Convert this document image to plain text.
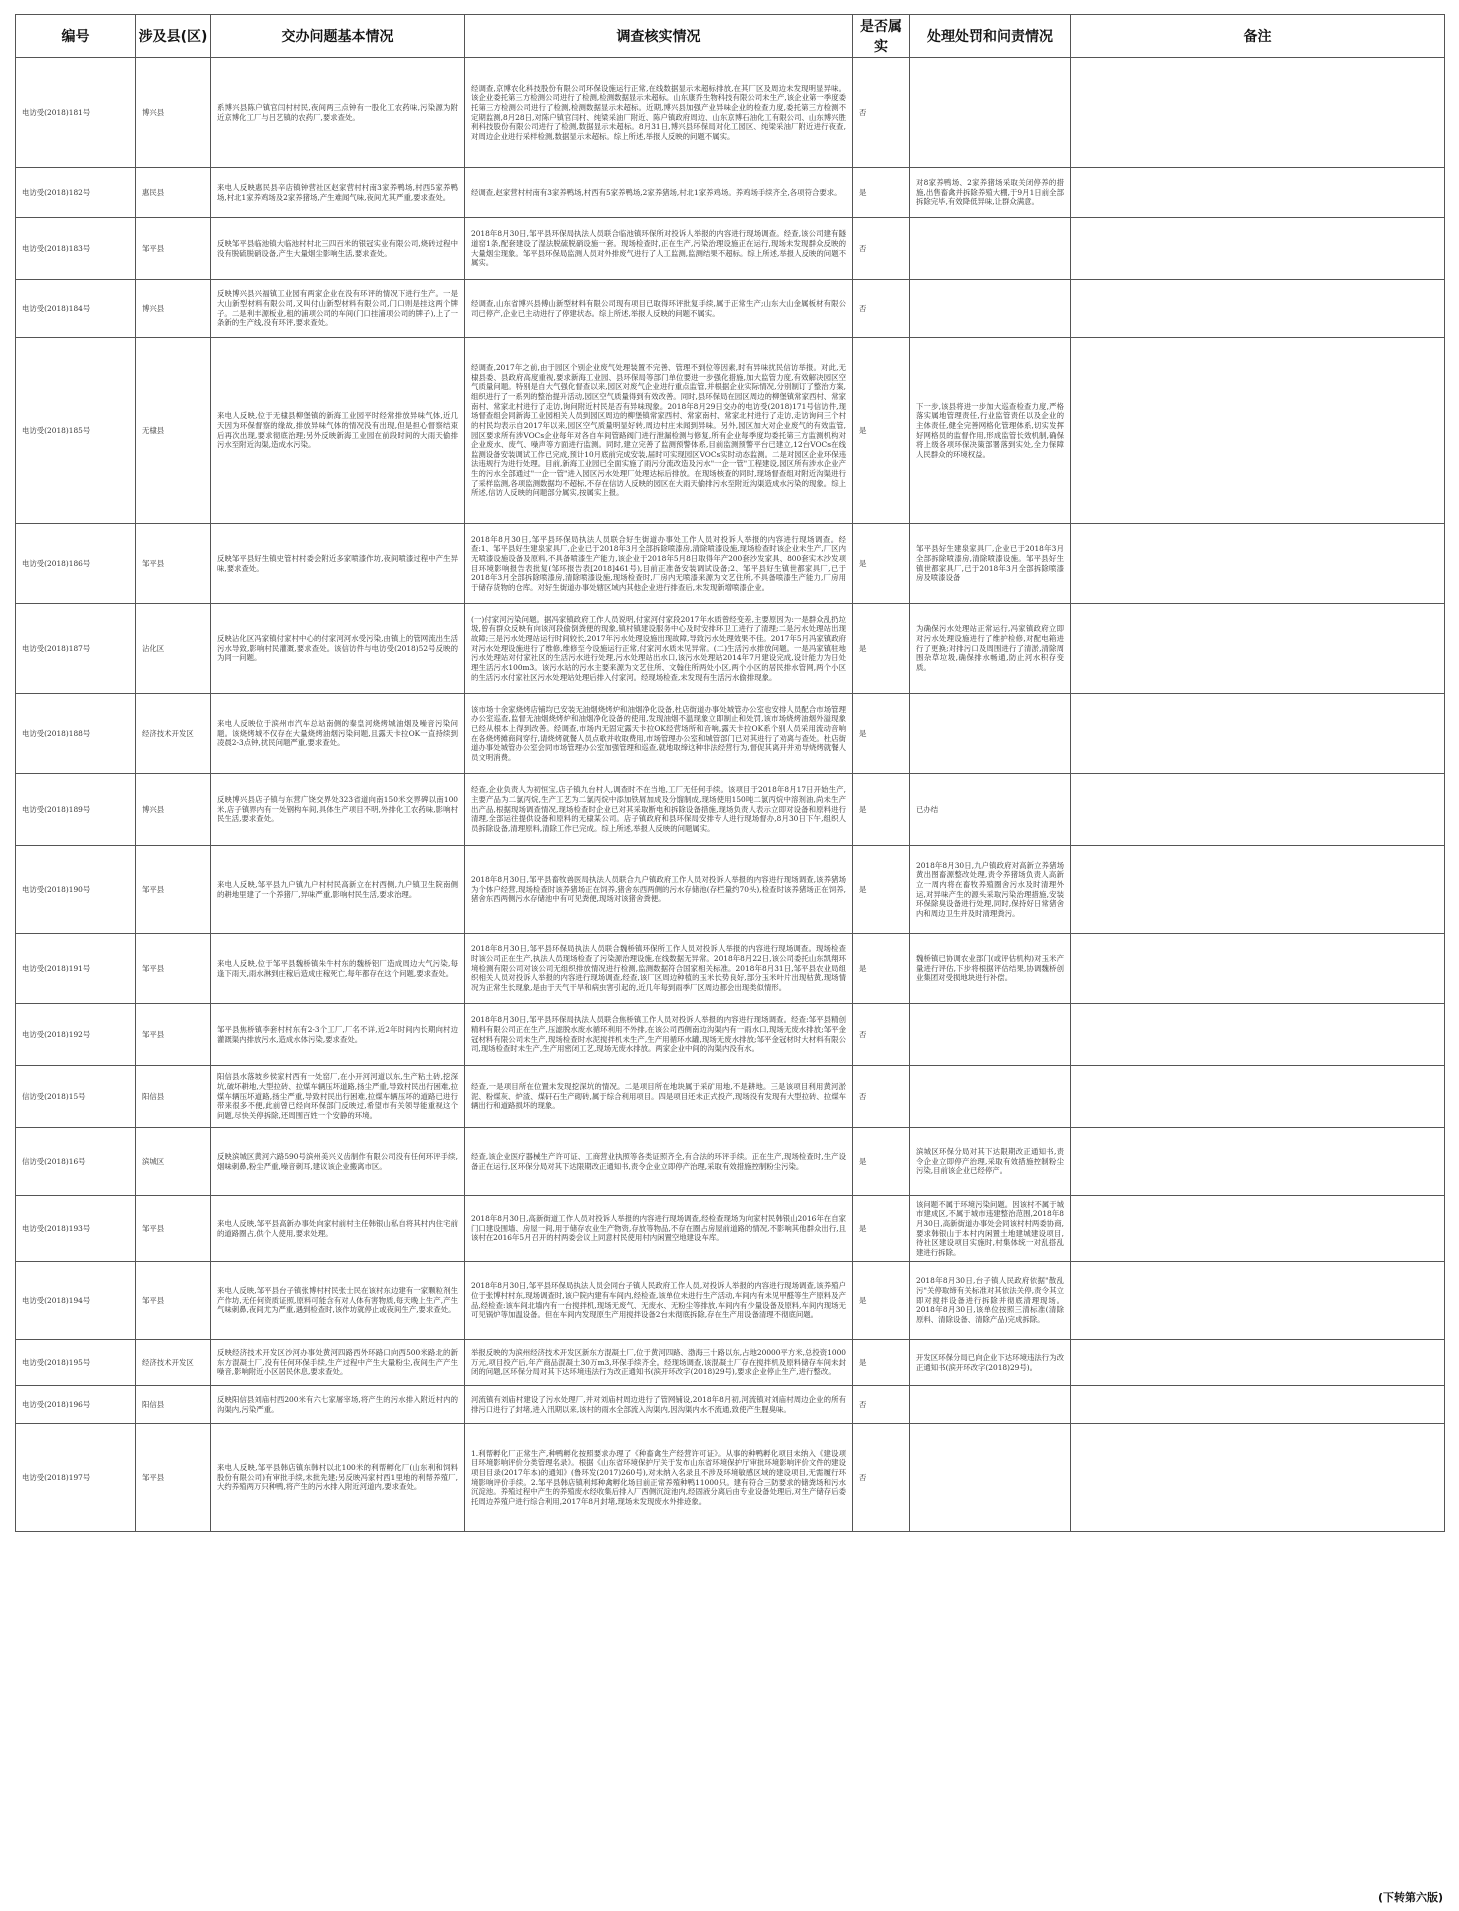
编号	涉及县(区)	交办问题基本情况	调查核实情况	是否属实	处理处罚和问责情况	备注
电访受(2018)181号	博兴县	系博兴县陈户镇官闫村村民,夜间两三点钟有一股化工农药味,污染源为附近京博化工厂与吕艺镇的农药厂,要求查处。	经调查,京博农化科技股份有限公司环保设施运行正常,在线数据显示未超标排放,在其厂区及周边未发现明显异味。该企业委托第三方检测公司进行了检测,检测数据显示未超标。山东康乔生物科技有限公司未生产,该企业第一季度委托第三方检测公司进行了检测,检测数据显示未超标。近期,博兴县加强产业异味企业的检查力度,委托第三方检测不定期监测,8月28日,对陈户镇官闫村、纯梁采油厂附近、陈户镇政府周边、山东京博石油化工有限公司、山东博兴胜利科技股份有限公司进行了检测,数据显示未超标。8月31日,博兴县环保局对化工园区、纯梁采油厂附近进行夜查,对周边企业进行采样检测,数据显示未超标。综上所述,举报人反映的问题不属实。	否		
电访受(2018)182号	惠民县	来电人反映惠民县辛店镇钟营社区赵家营村村南3家养鸭场,村西5家养鸭场,村北1家养鸡场及2家养猪场,产生难闻气味,夜间尤其严重,要求查处。	经调查,赵家营村村南有3家养鸭场,村西有5家养鸭场,2家养猪场,村北1家养鸡场。养鸡场手续齐全,各项符合要求。	是	对8家养鸭场、2家养猪场采取关闭停养的措施,出售畜禽并拆除养殖大棚,于9月1日前全部拆除完毕,有效降低异味,让群众满意。	
电访受(2018)183号	邹平县	反映邹平县临池镇大临池村村北三四百米的银冠实业有限公司,烧砖过程中没有脱硫脱硝设备,产生大量烟尘影响生活,要求查处。	2018年8月30日,邹平县环保局执法人员联合临池镇环保所对投诉人举报的内容进行现场调查。经查,该公司建有隧道窑1条,配套建设了湿法脱硫脱硝设施一套。现场检查时,正在生产,污染治理设施正在运行,现场未发现群众反映的大量烟尘现象。邹平县环保局监测人员对外排废气进行了人工监测,监测结果不超标。综上所述,举报人反映的问题不属实。	否		
电访受(2018)184号	博兴县	反映博兴县兴福镇工业园有两家企业在没有环评的情况下进行生产。一是大山新型材料有限公司,又叫付山新型材料有限公司,门口则是挂这两个牌子。二是利丰源板业,租的浦项公司的车间(门口挂浦项公司的牌子),上了一条新的生产线,没有环评,要求查处。	经调查,山东省博兴县傅山新型材料有限公司现有项目已取得环评批复手续,属于正常生产;山东大山金属板材有限公司已停产,企业已主动进行了停建状态。综上所述,举报人反映的问题不属实。	否		
电访受(2018)185号	无棣县	来电人反映,位于无棣县柳堡镇的新海工业园平时经常排放异味气体,近几天因为环保督察的缘故,排放异味气体的情况没有出现,但是担心督察结束后再次出现,要求彻底治理;另外反映新海工业园在前段时间的大雨天偷排污水至附近沟渠,造成水污染。	经调查,2017年之前,由于园区个别企业废气处理装置不完善、管理不到位等因素,时有异味扰民信访举报。对此,无棣县委、县政府高度重视,要求新海工业园、县环保局等部门单位要进一步强化措施,加大监管力度,有效解决园区空气质量问题。特别是自大气强化督查以来,园区对废气企业进行重点监管,并根据企业实际情况,分别制订了整治方案,组织进行了一系列的整治提升活动,园区空气质量得到有效改善。同时,县环保局在园区周边的柳堡镇常家西村、常家南村、常家北村进行了走访,询问附近村民是否有异味现象。2018年8月29日交办的电访受(2018)171号信访件,现场督查组会同新海工业园相关人员到园区周边的柳堡镇常家西村、常家南村、常家北村进行了走访,走访询问三个村的村民均表示自2017年以来,园区空气质量明显好转,周边村庄未闻到异味。另外,园区加大对企业废气的有效监管,园区要求所有涉VOCs企业每年对各自车间管路阀门进行泄漏检测与修复,所有企业每季度均委托第三方监测机构对企业废水、废气、噪声等方面进行监测。同时,建立完善了监测预警体系,目前监测预警平台已建立,12台VOCs在线监测设备安装调试工作已完成,预计10月底前完成安装,届时可实现园区VOCs实时动态监测。二是对园区企业环保违法违规行为进行处理。目前,新海工业园已全面实施了雨污分流改造及污水"一企一管"工程建设,园区所有涉水企业产生的污水全部通过"一企一管"进入园区污水处理厂处理达标后排放。在现场核查的同时,现场督查组对附近沟渠进行了采样监测,各项监测数据均不超标,不存在信访人反映的园区在大雨天偷排污水至附近沟渠造成水污染的现象。综上所述,信访人反映的问题部分属实,按属实上报。	是	下一步,该县将进一步加大巡查检查力度,严格落实属地管理责任,行业监管责任以及企业的主体责任,健全完善网格化管理体系,切实发挥好网格员的监督作用,形成监管长效机制,确保将上级各项环保决策部署落到实处,全力保障人民群众的环境权益。	
电访受(2018)186号	邹平县	反映邹平县好生镇史管村村委会附近多家喷漆作坊,夜间喷漆过程中产生异味,要求查处。	2018年8月30日,邹平县环保局执法人员联合好生街道办事处工作人员对投诉人举报的内容进行现场调查。经查:1、邹平县好生建泉家具厂,企业已于2018年3月全部拆除喷漆房,清除喷漆设施,现场检查时该企业未生产,厂区内无喷漆设施设备及原料,不具备喷漆生产能力,该企业于2018年5月8日取得年产200套沙发家具、800套实木沙发项目环境影响报告表批复(邹环报告表[2018]461号),目前正准备安装调试设备;2、邹平县好生镇世都家具厂,已于2018年3月全部拆除喷漆房,清除喷漆设施,现场检查时,厂房内无喷漆来源为文艺住所,不具备喷漆生产能力,厂房用于储存货物的仓库。对好生街道办事处辖区域内其他企业进行排查后,未发现新增喷漆企业。	是	邹平县好生建泉家具厂,企业已于2018年3月全部拆除喷漆房,清除喷漆设施。邹平县好生镇世都家具厂,已于2018年3月全部拆除喷漆房及喷漆设备	
电访受(2018)187号	沾化区	反映沾化区冯家镇付家村中心的付家河河水受污染,由镇上的管网流出生活污水导致,影响村民灌溉,要求查处。该信访件与电访受(2018)52号反映的为同一问题。	(一)付家河污染问题。据冯家镇政府工作人员说明,付家河付家段2017年水质曾经变差,主要原因为:一是群众乱扔垃圾,曾有群众反映有向该河段偷倒粪便的现象,镇村镇建设服务中心及时安排环卫工进行了清理;二是污水处理站出现故障;三是污水处理站运行时间较长,2017年污水处理设施出现故障,导致污水处理效果不佳。2017年5月冯家镇政府对污水处理设施进行了维修,维修至今设施运行正常,付家河水质未见异常。(二)生活污水排放问题。一是冯家镇驻地污水处理站对付家社区的生活污水进行处理,污水处理站出水口,该污水处理站2014年7月建设完成,设计能力为日处理生活污水100m3。该污水站的污水主要来源为文艺住所、文翰住所两处小区,两个小区的居民排水管网,两个小区的生活污水付家社区污水处理站处理后排入付家河。经现场检查,未发现有生活污水偷排现象。	是	为确保污水处理站正常运行,冯家镇政府立即对污水处理设施进行了维护检修,对配电箱进行了更换;对排污口及周围进行了清淤,清除周围杂草垃圾,确保排水畅通,防止河水积存变质。	
电访受(2018)188号	经济技术开发区	来电人反映位于滨州市汽车总站南侧的秦皇河烧烤城油烟及噪音污染问题。该烧烤城不仅存在大量烧烤油烟污染问题,且露天卡拉OK一直持续到凌晨2-3点钟,扰民问题严重,要求查处。	该市场十余家烧烤店铺均已安装无油烟烧烤炉和油烟净化设备,杜店街道办事处城管办公室也安排人员配合市场管理办公室巡查,监督无油烟烧烤炉和油烟净化设备的使用,发现油烟不温现象立即制止和处罚,该市场烧烤油烟外溢现象已经从根本上得到改善。经调查,市场内无固定露天卡拉OK经营场所和音响,露天卡拉OK系个别人员采用流动音响在各烧烤摊商间穿行,请烧烤就餐人员点歌并收取费用,市场管理办公室和城管部门已对其进行了劝离与查处。杜店街道办事处城管办公室会同市场管理办公室加强管理和巡查,就地取缔这种非法经营行为,督促其离开并劝导烧烤就餐人员文明消费。	是		
电访受(2018)189号	博兴县	反映博兴县店子镇与东营广饶交界处323省道向南150米交界碑以南100米,店子镇界内有一处钢构车间,具体生产项目不明,外排化工农药味,影响村民生活,要求查处。	经查,企业负责人为初恒宝,店子镇九台村人,调查时不在当地,工厂无任何手续。该项目于2018年8月17日开始生产,主要产品为二氯丙烷,生产工艺为二氯丙烷中添加铁屑加成及分馏制成,现场使用150吨二氯丙烷中溶剂油,尚未生产出产品,根据现场调查情况,现场检查时企业已对其采取断电和拆除设备措施,现场负责人表示立即对设备和原料进行清理,全部运往提供设备和原料的无棣某公司。店子镇政府和县环保局安排专人进行现场督办,8月30日下午,组织人员拆除设备,清理原料,清除工作已完成。综上所述,举报人反映的问题属实。	是	已办结	
电访受(2018)190号	邹平县	来电人反映,邹平县九户镇九户村村民高新立在村西侧,九户镇卫生院南侧的耕地里建了一个养猪厂,异味严重,影响村民生活,要求治理。	2018年8月30日,邹平县畜牧兽医局执法人员联合九户镇政府工作人员对投诉人举报的内容进行现场调查,该养猪场为个体户经营,现场检查时该养猪场正在饲养,猪舍东西两侧的污水存储池(存栏量约70头),检查时该养猪场正在饲养,猪舍东西两侧污水存储池中有可见粪便,现场对该猪舍粪便。	是	2018年8月30日,九户镇政府对高新立养猪场黄出图畜源整改处理,责令养猪场负责人高新立一周内将在畜牧养殖圈舍污水及时清理外运,对异味产生的源头采取污染治理措施,安装环保除臭设备进行处理,同时,保持好日常猪舍内和周边卫生并及时清理粪污。	
电访受(2018)191号	邹平县	来电人反映,位于邹平县魏桥镇朱牛村东的魏桥铝厂造成周边大气污染,每逢下雨天,雨水淋到庄稼后造成庄稼死亡,每年都存在这个问题,要求查处。	2018年8月30日,邹平县环保局执法人员联合魏桥镇环保所工作人员对投诉人举报的内容进行现场调查。现场检查时该公司正在生产,执法人员现场检查了污染源治理设施,在线数据无异常。2018年8月22日,该公司委托山东凯翔环境检测有限公司对该公司无组织排放情况进行检测,监测数据符合国家相关标准。2018年8月31日,邹平县农业局组织相关人员对投诉人举报的内容进行现场调查,经查,该厂区周边种植的玉米长势良好,部分玉米叶片出现枯黄,现场情况为正常生长现象,是由于天气干旱和病虫害引起的,近几年每到雨季厂区周边都会出现类似情形。	是	魏桥镇已协调农业部门(或评估机构)对玉米产量进行评估,下步将根据评估结果,协调魏桥创业集团对受损地块进行补偿。	
电访受(2018)192号	邹平县	邹平县焦桥镇李套村村东有2-3个工厂,厂名不详,近2年时间内长期向村边灌溉渠内排放污水,造成水体污染,要求查处。	2018年8月30日,邹平县环保局执法人员联合焦桥镇工作人员对投诉人举报的内容进行现场调查。经查:邹平县精创精料有限公司正在生产,压滤脱水废水循环利用不外排,在该公司西侧南边沟渠内有一雨水口,现场无废水排放;邹平金冠材料有限公司未生产,现场检查时水泥搅拌机未生产,生产用循环水罐,现场无废水排放;邹平金冠材时大材料有限公司,现场检查时未生产,生产用密闭工艺,现场无废水排放。两家企业中间的沟渠内没有水。	否		
信访受(2018)15号	阳信县	阳信县水落坡乡侯家村西有一处窑厂,在小开河河道以东,生产粘土砖,挖深坑,破坏耕地,大型拉砖、拉煤车辆压坏道路,扬尘严重,导致村民出行困难,拉煤车辆压坏道路,扬尘严重,导致村民出行困难,拉煤车辆压坏的道路已进行带来很多不便,此前曾已经向环保部门反映过,希望市有关领导能重视这个问题,尽快关停拆除,还周围百姓一个安静的环境。	经查,一是项目所在位置未发现挖深坑的情况。二是项目所在地块属于采矿用地,不是耕地。三是该项目利用黄河淤泥、粉煤灰、炉渣、煤矸石生产砌砖,属于综合利用项目。四是项目还未正式投产,现场没有发现有大型拉砖、拉煤车辆出行和道路损坏的现象。	否		
信访受(2018)16号	滨城区	反映滨城区黄河六路590号滨州美兴义齿制作有限公司没有任何环评手续,烟味刺鼻,粉尘严重,噪音刺耳,建议该企业搬离市区。	经查,该企业医疗器械生产许可证、工商营业执照等各类证照齐全,有合法的环评手续。正在生产,现场检查时,生产设备正在运行,区环保分局对其下达限期改正通知书,责令企业立即停产治理,采取有效措施控制粉尘污染。	是	滨城区环保分局对其下达限期改正通知书,责令企业立即停产治理,采取有效措施控制粉尘污染,目前该企业已经停产。	
电访受(2018)193号	邹平县	来电人反映,邹平县高新办事处向家村前村主任韩银山私自将其村内住宅前的道路圈占,供个人使用,要求处理。	2018年8月30日,高新街道工作人员对投诉人举报的内容进行现场调查,经检查现场为向家村民韩银山2016年在自家门口建设围墙、房屋一间,用于储存农业生产物资,存放等物品,不存在圈占房屋前道路的情况,不影响其他群众出行,且该村在2016年5月召开的村两委会议上同意村民使用村内闲置空地建设车库。	是	该问题不属于环境污染问题。因该村不属于城市建成区,不属于城市违建整治范围,2018年8月30日,高新街道办事处会同该村村两委协商,要求韩银山于本村内闲置土地建城建设项目,待社区建设项目实施时,村集体统一对乱搭乱建进行拆除。	
电访受(2018)194号	邹平县	来电人反映,邹平县台子镇张博村村民张士民在该村东边建有一家颗粒剂生产作坊,无任何资质证照,原料可能含有对人体有害物质,每天晚上生产,产生气味刺鼻,夜间尤为严重,遇到检查时,该作坊就停止或夜间生产,要求查处。	2018年8月30日,邹平县环保局执法人员会同台子镇人民政府工作人员,对投诉人举报的内容进行现场调查,该养殖户位于张博村村东,现场调查时,该户院内建有车间内,经检查,该单位未进行生产活动,车间内有未见甲醛等生产原料及产品,经检查:该车间北墙内有一台搅拌机,现场无废气、无废水、无粉尘等排放,车间内有少量设备及原料,车间内现场无可见锅炉等加温设备。但在车间内发现原生产用搅拌设备2台未彻底拆除,存在生产用设备清理不彻底问题。	是	2018年8月30日,台子镇人民政府依据"散乱污"关停取缔有关标准对其依法关停,责令其立即对搅拌设备进行拆除并彻底清理现场。2018年8月30日,该单位按照三清标准(清除原料、清除设备、清除产品)完成拆除。	
电访受(2018)195号	经济技术开发区	反映经济技术开发区沙河办事处黄河四路西外环路口向西500米路北的新东方混凝土厂,没有任何环保手续,生产过程中产生大量粉尘,夜间生产产生噪音,影响附近小区居民休息,要求查处。	举报反映的为滨州经济技术开发区新东方混凝土厂,位于黄河四路、渤海三十路以东,占地20000平方米,总投资1000万元,项目投产后,年产商品混凝土30万m3,环保手续齐全。经现场调查,该混凝土厂存在搅拌机及原料储存车间未封闭的问题,区环保分局对其下达环境违法行为改正通知书(滨开环改字(2018)29号),要求企业停止生产,进行整改。	是	开发区环保分局已向企业下达环境违法行为改正通知书(滨开环改字(2018)29号)。	
电访受(2018)196号	阳信县	反映阳信县刘庙村西200米有六七家屠宰场,将产生的污水排入附近村内的沟渠内,污染严重。	河流镇有刘庙村建设了污水处理厂,并对刘庙村周边进行了管网铺设,2018年8月初,河流镇对刘庙村周边企业的所有排污口进行了封堵,进入汛期以来,该村的雨水全部流入沟渠内,因沟渠内水不流通,致使产生腥臭味。	否		
电访受(2018)197号	邹平县	来电人反映,邹平县韩店镇东韩村以北100米的利帮孵化厂(山东利和饲料股份有限公司)有审批手续,未批先建;另反映冯家村西1里地的利帮养殖厂,大约养殖两万只种鸭,将产生的污水排入附近河道内,要求查处。	1.利帮孵化厂正常生产,种鸭孵化按照要求办理了《种畜禽生产经营许可证》。从事的种鸭孵化项目未纳入《建设项目环境影响评价分类管理名录》。根据《山东省环境保护厅关于发布山东省环境保护厅审批环境影响评价文件的建设项目目录(2017年本)的通知》(鲁环发(2017)260号),对未纳入名录且不涉及环境敏感区域的建设项目,无需履行环境影响评价手续。2.邹平县韩店镇利邦种禽孵化场目前正常养殖种鸭11000只。建有符合三防要求的储粪场和污水沉淀池。养殖过程中产生的养殖废水经收集后排入厂西侧沉淀池内,经固液分离后由专业设备处理后,对生产储存后委托周边养殖户进行综合利用,2017年8月封堵,现场未发现废水外排迹象。	否		
(下转第六版)
